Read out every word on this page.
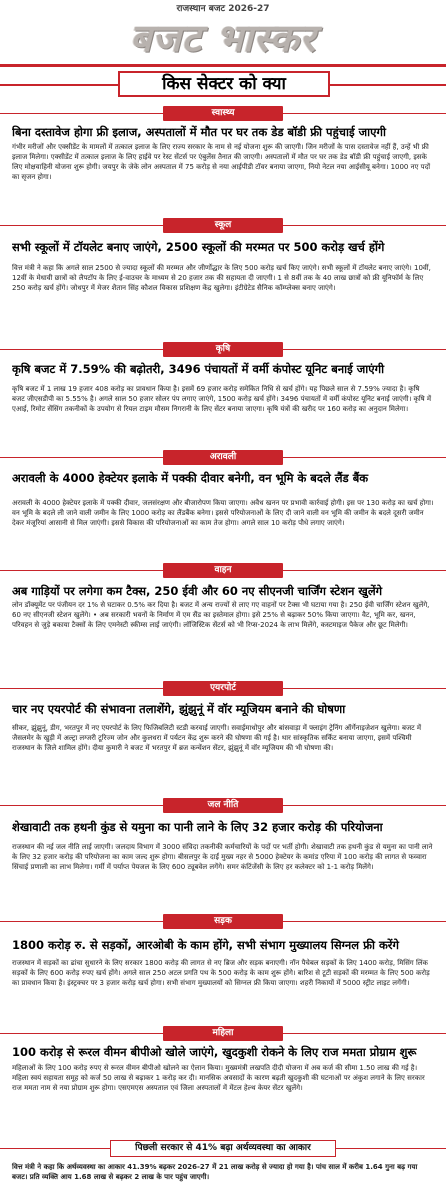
राजस्थान बजट 2026-27
बजट भास्कर
किस सेक्टर को क्या
स्वास्थ्य
बिना दस्तावेज होगा फ्री इलाज, अस्पतालों में मौत पर घर तक डेड बॉडी फ्री पहुंचाई जाएगी
गंभीर मरीजों और एक्सीडेंट के मामलों में तत्काल इलाज के लिए राज्य सरकार के नाम से नई योजना शुरू की जाएगी। जिन मरीजों के पास दस्तावेज नहीं हैं, उन्हें भी फ्री इलाज मिलेगा। एक्सीडेंट में तत्काल इलाज के लिए हाईवे पर रेस्ट सेंटर्स पर एंबुलेंस तैनात की जाएगी। अस्पतालों में मौत पर घर तक डेड बॉडी फ्री पहुंचाई जाएगी, इसके लिए मोक्षवाहिनी योजना शुरू होगी। जयपुर के जेके लोन अस्पताल में 75 करोड़ से नया आईपीडी टॉवर बनाया जाएगा, नियो नेटल नया आईसीयू बनेगा। 1000 नए पदों का सृजन होगा।
स्कूल
सभी स्कूलों में टॉयलेट बनाए जाएंगे, 2500 स्कूलों की मरम्मत पर 500 करोड़ खर्च होंगे
वित्त मंत्री ने कहा कि अगले साल 2500 से ज्यादा स्कूलों की मरम्मत और जीर्णोद्धार के लिए 500 करोड़ खर्च किए जाएंगे। सभी स्कूलों में टॉयलेट बनाए जाएंगे। 10वीं, 12वीं के मेधावी छात्रों को लैपटॉप के लिए ई-वाउचर के माध्यम से 20 हजार तक की सहायता दी जाएगी। 1 से 8वीं तक के 40 लाख छात्रों को फ्री यूनिफॉर्म के लिए 250 करोड़ खर्च होंगे। जोधपुर में मेजर शैतान सिंह कौशल विकास प्रशिक्षण केंद्र खुलेगा। इंटीग्रेटेड सैनिक कॉम्प्लेक्स बनाए जाएंगे।
कृषि
कृषि बजट में 7.59% की बढ़ोतरी, 3496 पंचायतों में वर्मी कंपोस्ट यूनिट बनाई जाएंगी
कृषि बजट में 1 लाख 19 हजार 408 करोड़ का प्रावधान किया है। इसमें 69 हजार करोड़ समेकित निधि से खर्च होंगे। यह पिछले साल से 7.59% ज्यादा है। कृषि बजट जीएसडीपी का 5.55% है। अगले साल 50 हजार सोलर पंप लगाए जाएंगे, 1500 करोड़ खर्च होंगे। 3496 पंचायतों में वर्मी कंपोस्ट यूनिट बनाई जाएंगी। कृषि में एआई, रिमोट सेंसिंग तकनीकों के उपयोग से रियल टाइम मौसम निगरानी के लिए सेंटर बनाया जाएगा। कृषि यंत्रों की खरीद पर 160 करोड़ का अनुदान मिलेगा।
अरावली
अरावली के 4000 हेक्टेयर इलाके में पक्की दीवार बनेगी, वन भूमि के बदले लैंड बैंक
अरावली के 4000 हेक्टेयर इलाके में पक्की दीवार, जलसंरक्षण और बीजारोपण किया जाएगा। अवैध खनन पर प्रभावी कार्रवाई होगी। इस पर 130 करोड़ का खर्च होगा। वन भूमि के बदले ली जाने वाली जमीन के लिए 1000 करोड़ का लैंडबैंक बनेगा। इससे परियोजनाओं के लिए दी जाने वाली वन भूमि की जमीन के बदले दूसरी जमीन देकर मंजूरियां आसानी से मिल जाएंगी। इससे विकास की परियोजनाओं का काम तेज होगा। अगले साल 10 करोड़ पौधे लगाए जाएंगे।
वाहन
अब गाड़ियों पर लगेगा कम टैक्स, 250 ईवी और 60 नए सीएनजी चार्जिंग स्टेशन खुलेंगे
लोन डॉक्यूमेंट पर पंजीयन दर 1% से घटाकर 0.5% कर दिया है। बजट में अन्य राज्यों से लाए गए वाहनों पर टैक्स भी घटाया गया है। 250 ईवी चार्जिंग स्टेशन खुलेंगे, 60 नए सीएनजी स्टेशन खुलेंगे। • अब सरकारी भवनों के निर्माण में एम सैंड का इस्तेमाल होगा। इसे 25% से बढ़ाकर 50% किया जाएगा। वैट, भूमि कर, खनन, परिवहन से जुड़े बकाया टैक्सों के लिए एमनेस्टी स्कीम्स लाई जाएंगी। लॉजिस्टिक सेंटर्स को भी रिप्स-2024 के लाभ मिलेंगे, कस्टमाइज पैकेज और छूट मिलेगी।
एयरपोर्ट
चार नए एयरपोर्ट की संभावना तलाशेंगे, झुंझुनूं में वॉर म्यूजियम बनाने की घोषणा
सीकर, झुंझुनूं, डीग, भरतपुर में नए एयरपोर्ट के लिए फिजिबलिटी स्टडी करवाई जाएगी। सवाईमाधोपुर और बांसवाड़ा में फ्लाइंग ट्रेनिंग ऑर्गेनाइजेशन खुलेगा। बजट में जैसलमेर के खुड़ी में अल्ट्रा लग्जरी टूरिज्म जोन और कुलधरा में पर्यटन केंद्र शुरू करने की घोषणा की गई है। थार सांस्कृतिक सर्किट बनाया जाएगा, इसमें पश्चिमी राजस्थान के जिले शामिल होंगे। दीया कुमारी ने बजट में भरतपुर में ब्रज कन्वेंशन सेंटर, झुंझुनूं में वॉर म्यूजियम की भी घोषणा की।
जल नीति
शेखावाटी तक हथनी कुंड से यमुना का पानी लाने के लिए 32 हजार करोड़ की परियोजना
राजस्थान की नई जल नीति लाई जाएगी। जलदाय विभाग में 3000 संविदा तकनीकी कर्मचारियों के पदों पर भर्ती होगी। शेखावाटी तक हथनी कुंड से यमुना का पानी लाने के लिए 32 हजार करोड़ की परियोजना का काम जल्द शुरू होगा। बीसलपुर के दाईं मुख्य नहर से 5000 हेक्टेयर के कमांड एरिया में 100 करोड़ की लागत से फव्वारा सिंचाई प्रणाली का लाभ मिलेगा। गर्मी में पर्याप्त पेयजल के लिए 600 ट्यूबवेल लगेंगे। समर कंटिंजेंसी के लिए हर कलेक्टर को 1-1 करोड़ मिलेंगे।
सड़क
1800 करोड़ रु. से सड़कों, आरओबी के काम होंगे, सभी संभाग मुख्यालय सिग्नल फ्री करेंगे
राजस्थान में सड़कों का ढांचा सुधारने के लिए सरकार 1800 करोड़ की लागत से नए ब्रिज और सड़क बनाएगी। नॉन पैचेबल सड़कों के लिए 1400 करोड़, मिसिंग लिंक सड़कों के लिए 600 करोड़ रुपए खर्च होंगे। अगले साल 250 अटल प्रगति पथ के 500 करोड़ के काम शुरू होंगे। बारिश से टूटी सड़कों की मरम्मत के लिए 500 करोड़ का प्रावधान किया है। इंस्ट्रक्चर पर 3 हजार करोड़ खर्च होगा। सभी संभाग मुख्यालयों को सिग्नल फ्री किया जाएगा। शहरी निकायों में 5000 स्ट्रीट लाइट लगेंगी।
महिला
100 करोड़ से रूरल वीमन बीपीओ खोले जाएंगे, खुदकुशी रोकने के लिए राज ममता प्रोग्राम शुरू
महिलाओं के लिए 100 करोड़ रुपए से रूरल वीमन बीपीओ खोलने का ऐलान किया। मुख्यमंत्री लखपति दीदी योजना में अब कर्ज की सीमा 1.50 लाख की गई है। महिला स्वयं सहायता समूह को कर्ज 50 लाख से बढ़ाकर 1 करोड़ कर दी। मानसिक अवसादों के कारण बढ़ती खुदकुशी की घटनाओं पर अंकुश लगाने के लिए सरकार राज ममता नाम से नया प्रोग्राम शुरू होगा। एसएमएस अस्पताल एवं जिला अस्पतालों में मेंटल हेल्थ केयर सेंटर खुलेंगे।
पिछली सरकार से 41% बढ़ा अर्थव्यवस्था का आकार
वित्त मंत्री ने कहा कि अर्थव्यवस्था का आकार 41.39% बढ़कर 2026-27 में 21 लाख करोड़ से ज्यादा हो गया है। पांच साल में करीब 1.64 गुना बढ़ गया बजट। प्रति व्यक्ति आय 1.68 लाख से बढ़कर 2 लाख के पार पहुंच जाएगी।
